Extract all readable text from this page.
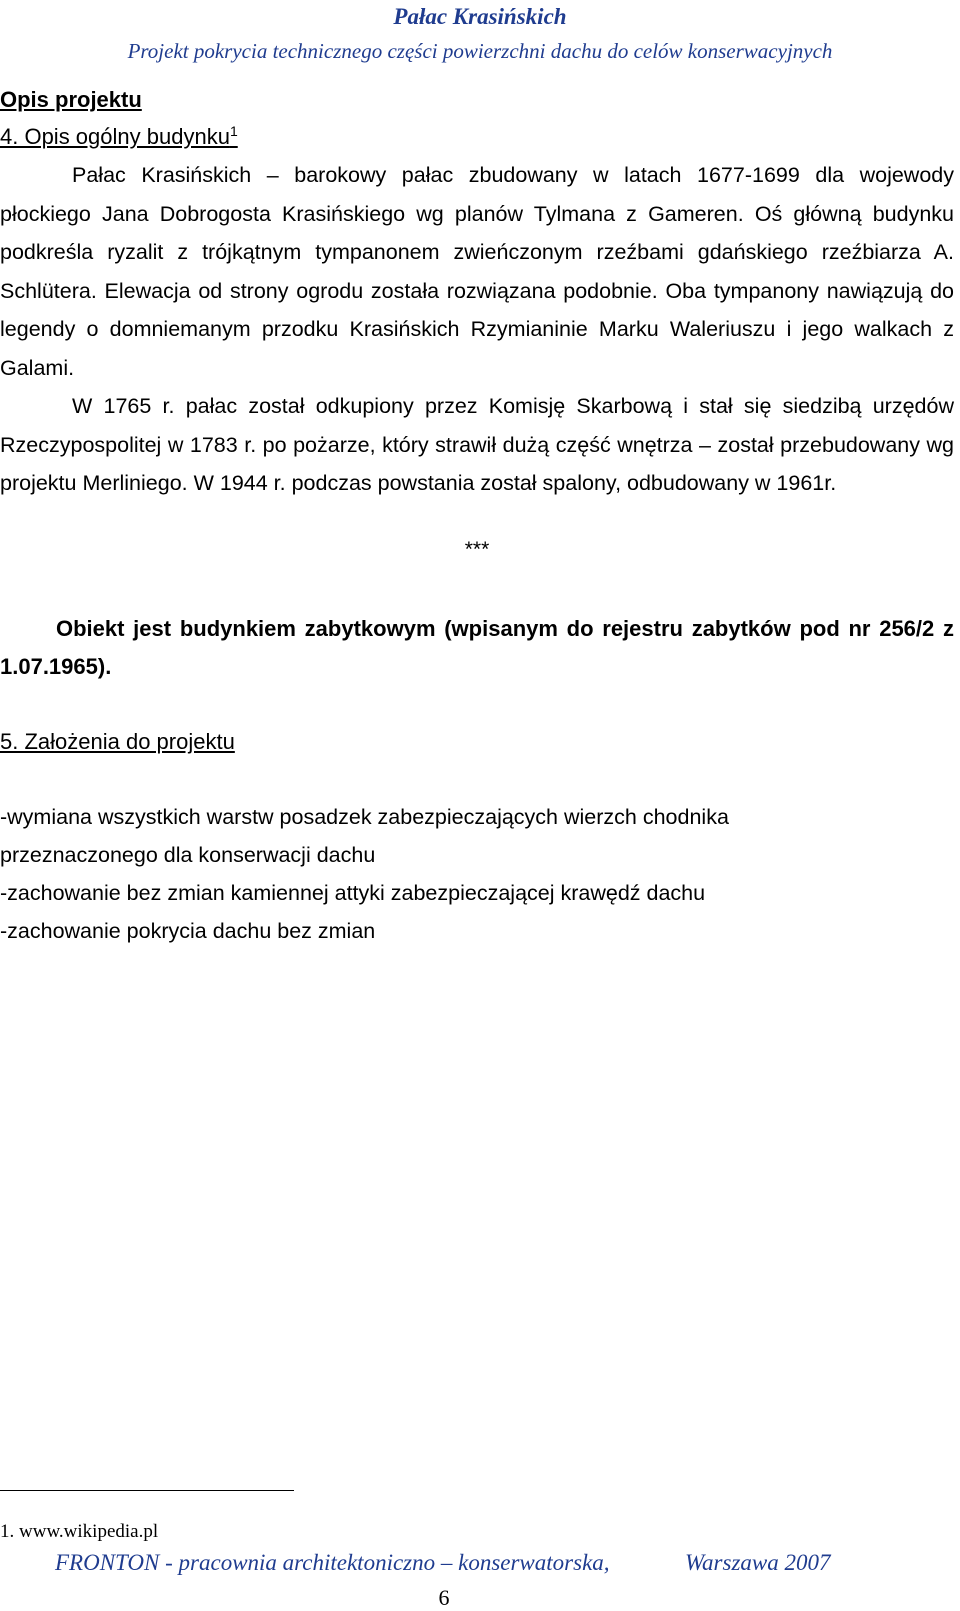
Pałac Krasińskich
Projekt pokrycia technicznego części powierzchni dachu do celów konserwacyjnych
Opis projektu
4. Opis ogólny budynku$^1$

Pałac Krasińskich – barokowy pałac zbudowany w latach 1677-1699 dla wojewody płockiego Jana Dobrogosta Krasińskiego wg planów Tylmana z Gameren. Oś główną budynku podkreśla ryzalit z trójkątnym tympanonem zwieńczonym rzeźbami gdańskiego rzeźbiarza A. Schlütera. Elewacja od strony ogrodu została rozwiązana podobnie. Oba tympanony nawiązują do legendy o domniemanym przodku Krasińskich Rzymianinie Marku Waleriuszu i jego walkach z Galami.

W 1765 r. pałac został odkupiony przez Komisję Skarbową i stał się siedzibą urzędów Rzeczypospolitej w 1783 r. po pożarze, który strawił dużą część wnętrza – został przebudowany wg projektu Merliniego. W 1944 r. podczas powstania został spalony, odbudowany w 1961r.

***

Obiekt jest budynkiem zabytkowym (wpisanym do rejestru zabytków pod nr 256/2 z 1.07.1965).

5. Założenia do projektu
-wymiana wszystkich warstw posadzek zabezpieczających wierzch chodnika
przeznaczonego dla konserwacji dachu
-zachowanie bez zmian kamiennej attyki zabezpieczającej krawędź dachu
-zachowanie pokrycia dachu bez zmian
1. www.wikipedia.pl
FRONTON - pracownia architektoniczno – konserwatorska,	Warszawa 2007
6
